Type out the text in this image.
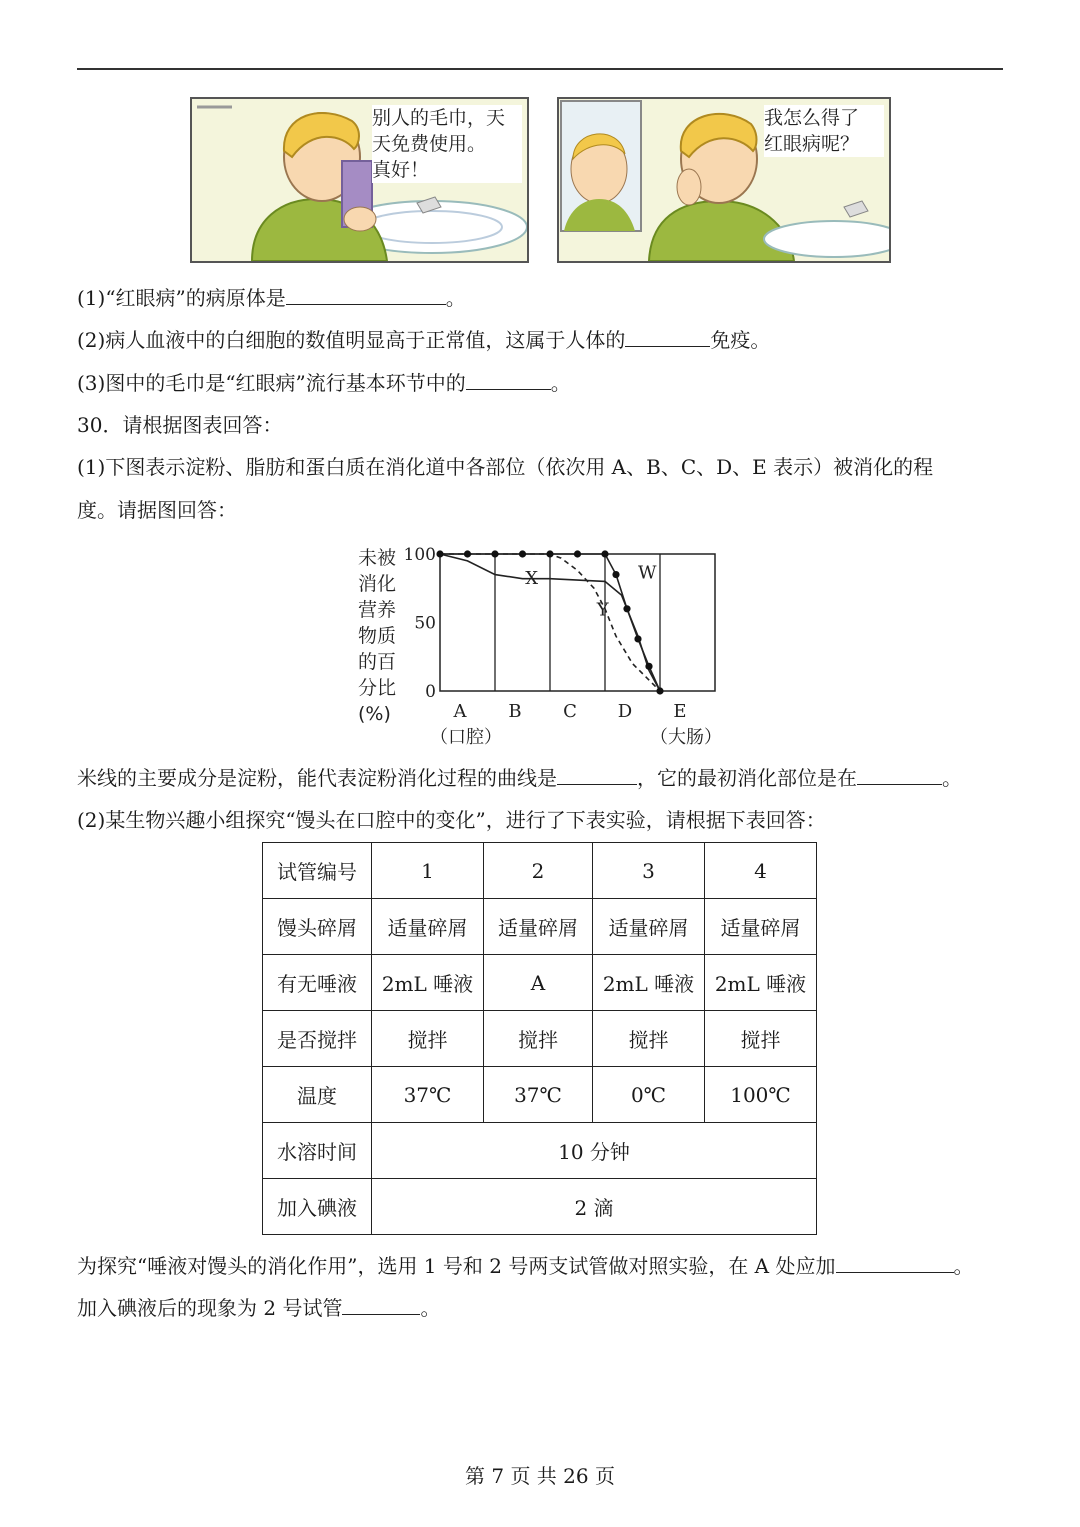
别人的毛巾，天
天免费使用。
真好！
我怎么得了
红眼病呢？
(1)“红眼病”的病原体是	。
(2)病人血液中的白细胞的数值明显高于正常值，这属于人体的	免疫。
(3)图中的毛巾是“红眼病”流行基本环节中的	。
30．请根据图表回答：
(1)下图表示淀粉、脂肪和蛋白质在消化道中各部位（依次用 A、B、C、D、E 表示）被消化的程
度。请据图回答：
未被
消化
营养
物质
的百
分比
(%)
100
50
0
A
（口腔）
B C D E
（大肠）
X
Y
W
米线的主要成分是淀粉，能代表淀粉消化过程的曲线是	，它的最初消化部位是在	。
(2)某生物兴趣小组探究“馒头在口腔中的变化”，进行了下表实验，请根据下表回答：
试管编号	1	2	3	4
馒头碎屑	适量碎屑	适量碎屑	适量碎屑	适量碎屑
有无唾液	2mL 唾液	A	2mL 唾液	2mL 唾液
是否搅拌	搅拌	搅拌	搅拌	搅拌
温度	37℃	37℃	0℃	100℃
水溶时间	10 分钟			
加入碘液	2 滴			
为探究“唾液对馒头的消化作用”，选用 1 号和 2 号两支试管做对照实验，在 A 处应加	。
加入碘液后的现象为 2 号试管	。
第 7 页 共 26 页
